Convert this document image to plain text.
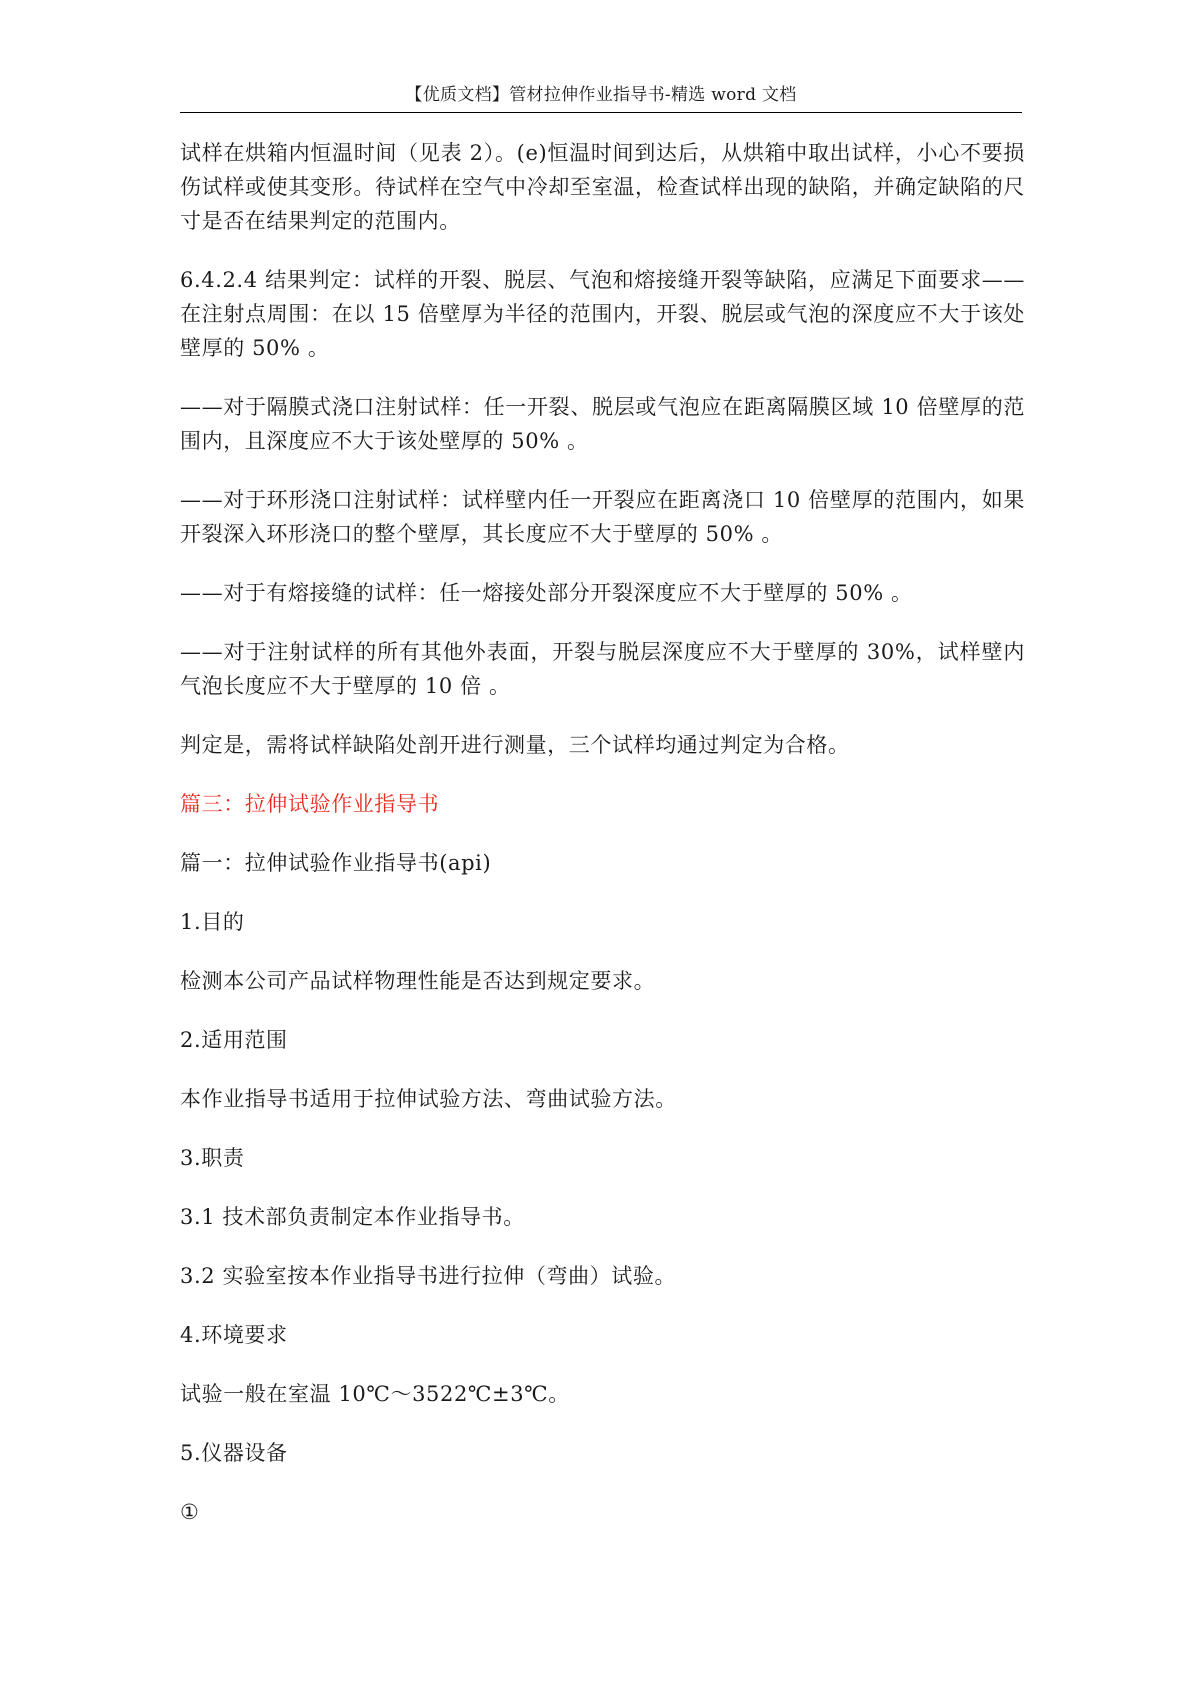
【优质文档】管材拉伸作业指导书-精选 word 文档

试样在烘箱内恒温时间（见表 2）。(e)恒温时间到达后，从烘箱中取出试样，小心不要损伤试样或使其变形。待试样在空气中冷却至室温，检查试样出现的缺陷，并确定缺陷的尺寸是否在结果判定的范围内。

6.4.2.4 结果判定：试样的开裂、脱层、气泡和熔接缝开裂等缺陷，应满足下面要求——在注射点周围：在以 15 倍壁厚为半径的范围内，开裂、脱层或气泡的深度应不大于该处壁厚的 50% 。

——对于隔膜式浇口注射试样：任一开裂、脱层或气泡应在距离隔膜区域 10 倍壁厚的范围内，且深度应不大于该处壁厚的 50% 。

——对于环形浇口注射试样：试样壁内任一开裂应在距离浇口 10 倍壁厚的范围内，如果开裂深入环形浇口的整个壁厚，其长度应不大于壁厚的 50% 。

——对于有熔接缝的试样：任一熔接处部分开裂深度应不大于壁厚的 50% 。

——对于注射试样的所有其他外表面，开裂与脱层深度应不大于壁厚的 30%，试样壁内气泡长度应不大于壁厚的 10 倍 。

判定是，需将试样缺陷处剖开进行测量，三个试样均通过判定为合格。

篇三：拉伸试验作业指导书

篇一：拉伸试验作业指导书(api)

1.目的

检测本公司产品试样物理性能是否达到规定要求。

2.适用范围

本作业指导书适用于拉伸试验方法、弯曲试验方法。

3.职责

3.1 技术部负责制定本作业指导书。

3.2 实验室按本作业指导书进行拉伸（弯曲）试验。

4.环境要求

试验一般在室温 10℃～3522℃±3℃。

5.仪器设备

①
